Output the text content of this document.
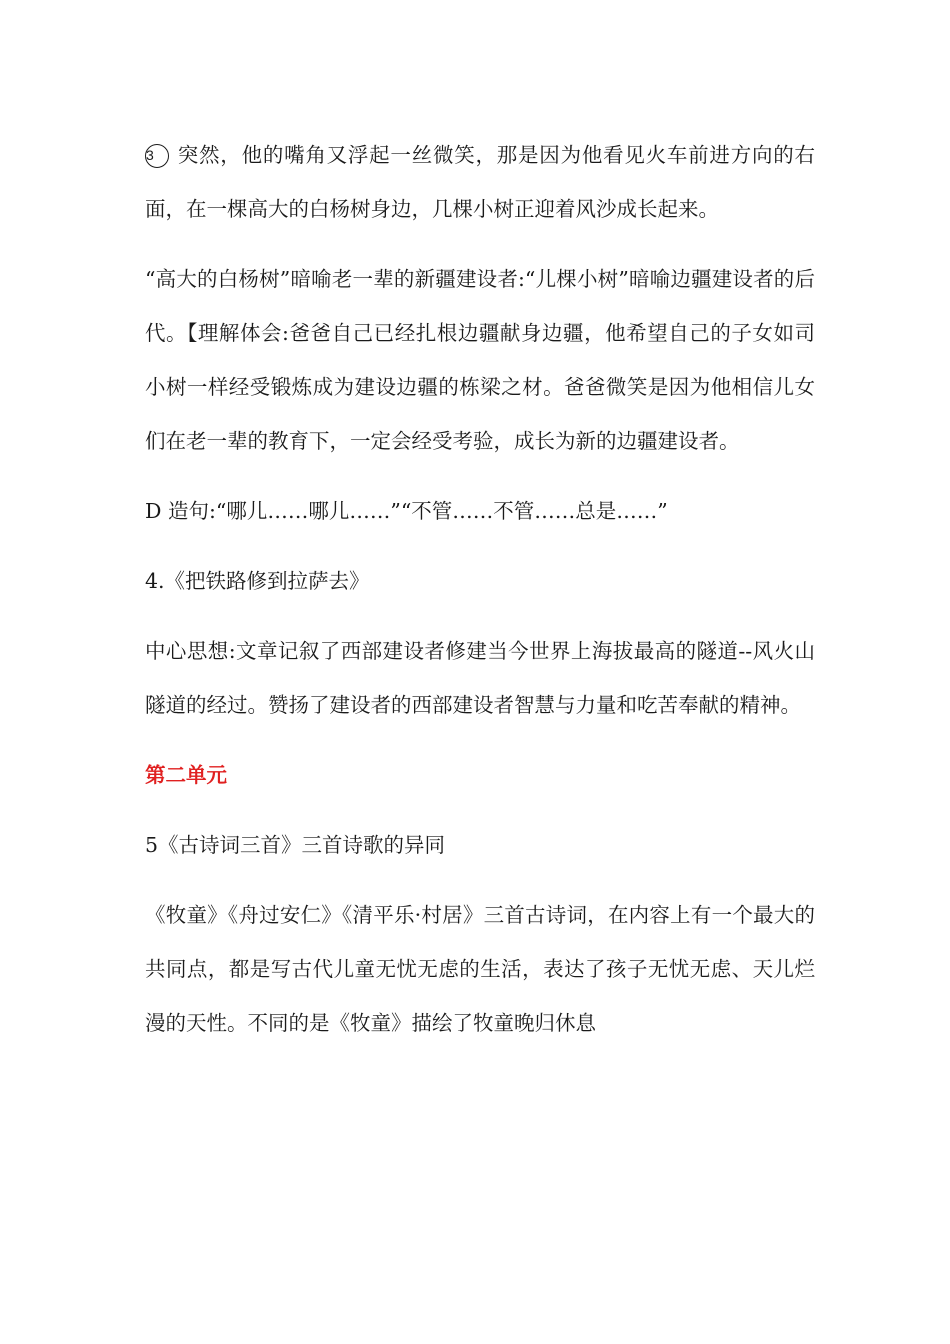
3 突然，他的嘴角又浮起一丝微笑，那是因为他看见火车前进方向的右面，在一棵高大的白杨树身边，几棵小树正迎着风沙成长起来。

“高大的白杨树”暗喻老一辈的新疆建设者:“儿棵小树”暗喻边疆建设者的后代。【理解体会:爸爸自己已经扎根边疆献身边疆，他希望自己的子女如司小树一样经受锻炼成为建设边疆的栋梁之材。爸爸微笑是因为他相信儿女们在老一辈的教育下，一定会经受考验，成长为新的边疆建设者。

D 造句:“哪儿……哪儿……”“不管……不管……总是……”

4.《把铁路修到拉萨去》

中心思想:文章记叙了西部建设者修建当今世界上海拔最高的隧道--风火山隧道的经过。赞扬了建设者的西部建设者智慧与力量和吃苦奉献的精神。

第二单元

5《古诗词三首》三首诗歌的异同

《牧童》《舟过安仁》《清平乐·村居》三首古诗词，在内容上有一个最大的共同点，都是写古代儿童无忧无虑的生活，表达了孩子无忧无虑、天儿烂漫的天性。不同的是《牧童》描绘了牧童晚归休息
